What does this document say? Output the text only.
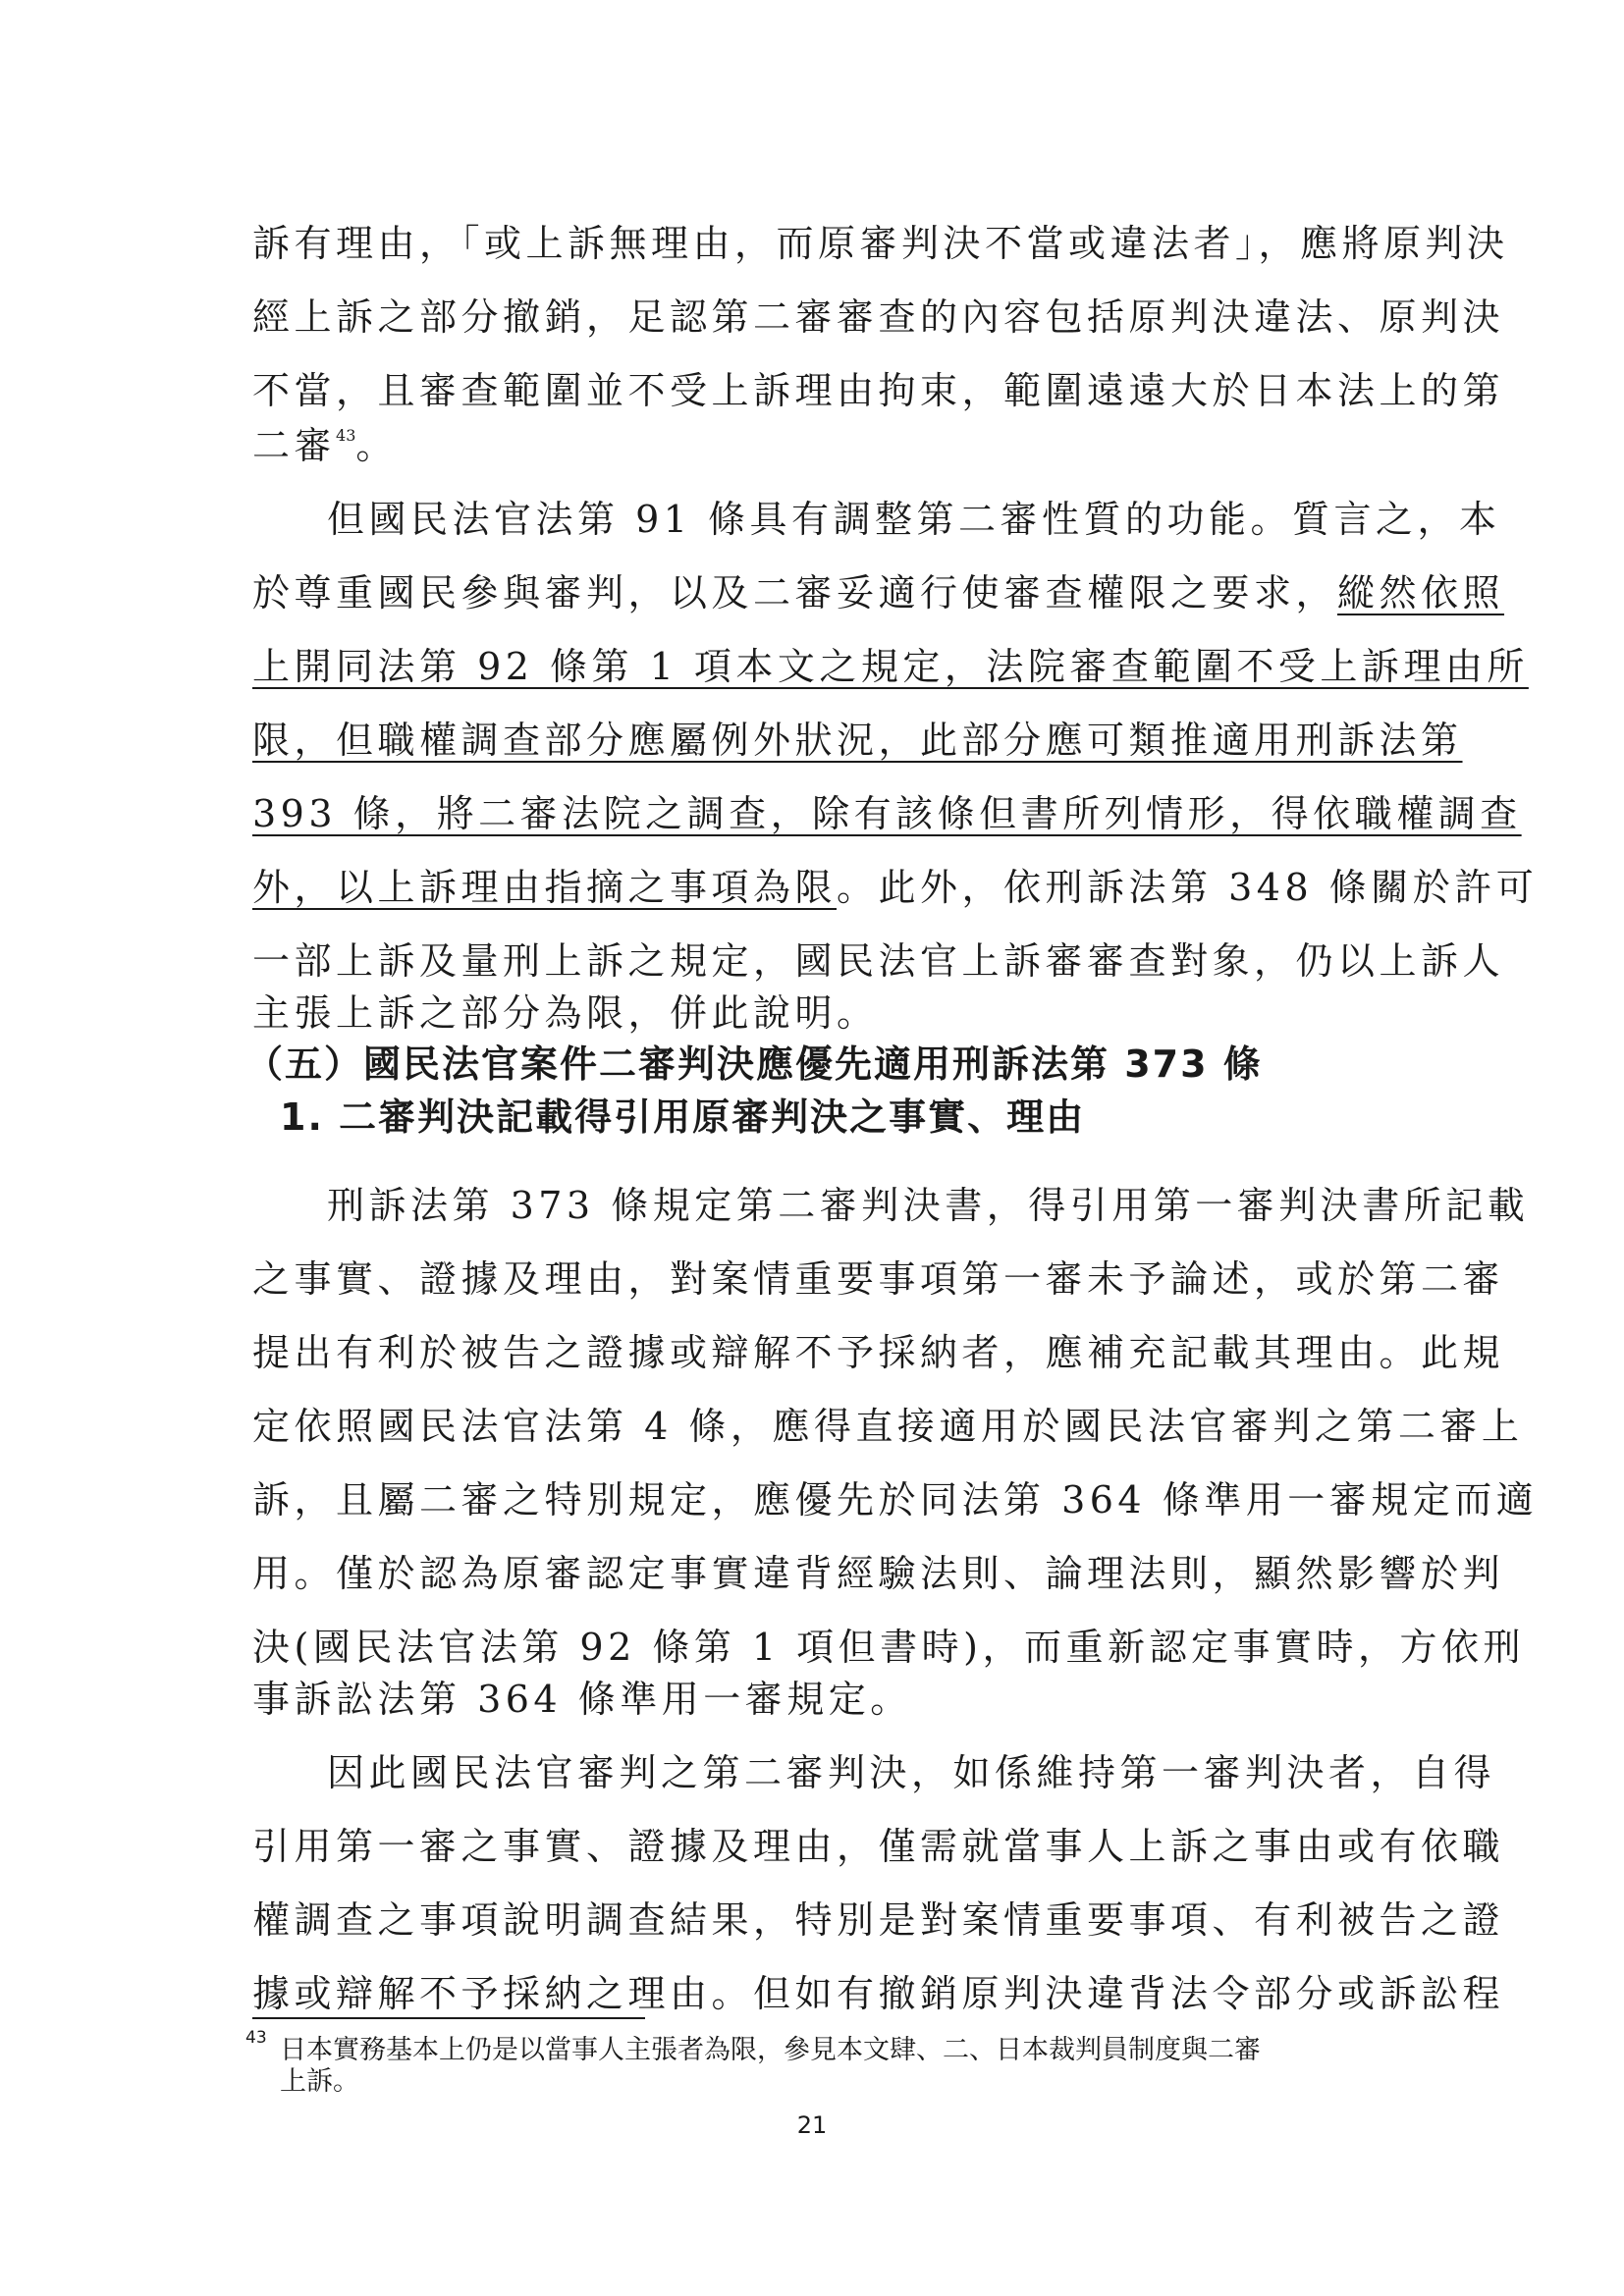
訴有理由，「或上訴無理由，而原審判決不當或違法者」，應將原判決
經上訴之部分撤銷，足認第二審審查的內容包括原判決違法、原判決
不當，且審查範圍並不受上訴理由拘束，範圍遠遠大於日本法上的第
二審$^{43}$。
但國民法官法第 91 條具有調整第二審性質的功能。質言之，本
於尊重國民參與審判，以及二審妥適行使審查權限之要求，縱然依照
上開同法第 92 條第 1 項本文之規定，法院審查範圍不受上訴理由所
限，但職權調查部分應屬例外狀況，此部分應可類推適用刑訴法第
393 條，將二審法院之調查，除有該條但書所列情形，得依職權調查
外，以上訴理由指摘之事項為限。此外，依刑訴法第 348 條關於許可
一部上訴及量刑上訴之規定，國民法官上訴審審查對象，仍以上訴人
主張上訴之部分為限，併此說明。
（五）國民法官案件二審判決應優先適用刑訴法第 373 條
1. 二審判決記載得引用原審判決之事實、理由
刑訴法第 373 條規定第二審判決書，得引用第一審判決書所記載
之事實、證據及理由，對案情重要事項第一審未予論述，或於第二審
提出有利於被告之證據或辯解不予採納者，應補充記載其理由。此規
定依照國民法官法第 4 條，應得直接適用於國民法官審判之第二審上
訴，且屬二審之特別規定，應優先於同法第 364 條準用一審規定而適
用。僅於認為原審認定事實違背經驗法則、論理法則，顯然影響於判
決(國民法官法第 92 條第 1 項但書時)，而重新認定事實時，方依刑
事訴訟法第 364 條準用一審規定。
因此國民法官審判之第二審判決，如係維持第一審判決者，自得
引用第一審之事實、證據及理由，僅需就當事人上訴之事由或有依職
權調查之事項說明調查結果，特別是對案情重要事項、有利被告之證
據或辯解不予採納之理由。但如有撤銷原判決違背法令部分或訴訟程
43 日本實務基本上仍是以當事人主張者為限，參見本文肆、二、日本裁判員制度與二審
上訴。
21
